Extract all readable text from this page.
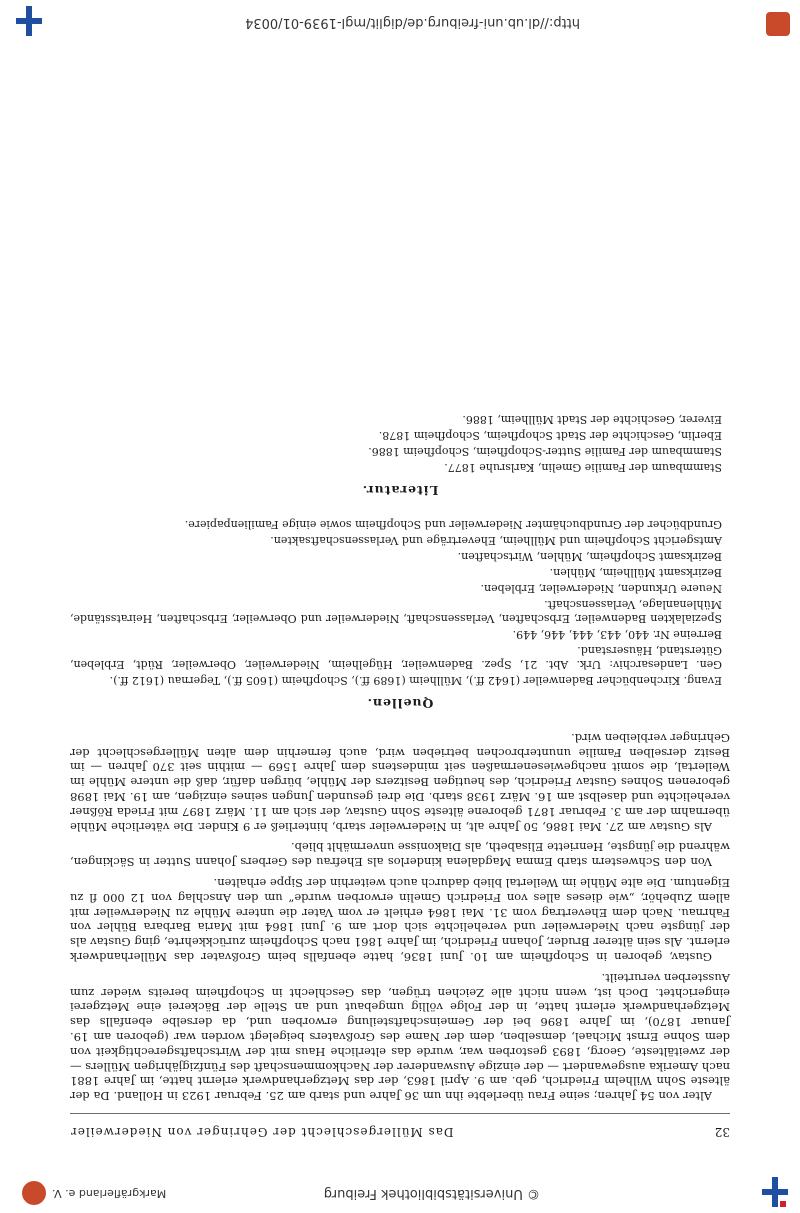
© Universitätsbibliothek Freiburg
Markgräflerland e. V.
32
Das Müllergeschlecht der Gehringer von Niederweiler

Alter von 54 Jahren; seine Frau überlebte ihn um 36 Jahre und starb am 25. Februar 1923 in Holland. Da der älteste Sohn Wilhelm Friedrich, geb. am 9. April 1863, der das Metzgerhandwerk erlernt hatte, im Jahre 1881 nach Amerika ausgewandert — der einzige Auswanderer der Nachkommenschaft des Fünfzigjährigen Müllers — der zweitälteste, Georg, 1893 gestorben war, wurde das elterliche Haus mit der Wirtschaftsgerechtigkeit von dem Sohne Ernst Michael, demselben, dem der Name des Großvaters beigelegt worden war (geboren am 19. Januar 1870), im Jahre 1896 bei der Gemeinschaftsteilung erworben und, da derselbe ebenfalls das Metzgerhandwerk erlernt hatte, in der Folge völlig umgebaut und an Stelle der Bäckerei eine Metzgerei eingerichtet. Doch ist, wenn nicht alle Zeichen trügen, das Geschlecht in Schopfheim bereits wieder zum Aussterben verurteilt.

Gustav, geboren in Schopfheim am 10. Juni 1836, hatte ebenfalls beim Großvater das Müllerhandwerk erlernt. Als sein älterer Bruder, Johann Friedrich, im Jahre 1861 nach Schopfheim zurückkehrte, ging Gustav als der jüngste nach Niederweiler und verehelichte sich dort am 9. Juni 1864 mit Maria Barbara Bühler von Fahrnau. Nach dem Ehevertrag vom 31. Mai 1864 erhielt er vom Vater die untere Mühle zu Niederweiler mit allem Zubehör, „wie dieses alles von Friedrich Gmelin erworben wurde“ um den Anschlag von 12 000 fl zu Eigentum. Die alte Mühle im Weilertal blieb dadurch auch weiterhin der Sippe erhalten.

Von den Schwestern starb Emma Magdalena kinderlos als Ehefrau des Gerbers Johann Sutter in Säckingen, während die jüngste, Henriette Elisabeth, als Diakonisse unvermählt blieb.

Als Gustav am 27. Mai 1886, 50 Jahre alt, in Niederweiler starb, hinterließ er 9 Kinder. Die väterliche Mühle übernahm der am 3. Februar 1871 geborene älteste Sohn Gustav, der sich am 11. März 1897 mit Frieda Rößner verehelichte und daselbst am 16. März 1938 starb. Die drei gesunden Jungen seines einzigen, am 19. Mai 1898 geborenen Sohnes Gustav Friedrich, des heutigen Besitzers der Mühle, bürgen dafür, daß die untere Mühle im Weilertal, die somit nachgewiesenermaßen seit mindestens dem Jahre 1569 — mithin seit 370 Jahren — im Besitz derselben Familie ununterbrochen betrieben wird, auch fernerhin dem alten Müllergeschlecht der Gehringer verbleiben wird.

Quellen.
Evang. Kirchenbücher Badenweiler (1642 ff.), Müllheim (1689 ff.), Schopfheim (1605 ff.), Tegernau (1612 ff.).
Gen. Landesarchiv: Urk. Abt. 21, Spez. Badenweiler, Hügelheim, Niederweiler, Oberweiler, Rüdt, Erbleben, Güterstand, Häuserstand.
Berreine Nr. 440, 443, 444, 446, 449.
Spezialakten Badenweiler, Erbschaften, Verlassenschaft, Niederweiler und Oberweiler, Erbschaften, Heiratsstände, Mühlenanlage, Verlassenschaft.
Neuere Urkunden, Niederweiler, Erbleben.
Bezirksamt Müllheim, Mühlen.
Bezirksamt Schopfheim, Mühlen, Wirtschaften.
Amtsgericht Schopfheim und Müllheim, Eheverträge und Verlassenschaftsakten.
Grundbücher der Grundbuchämter Niederweiler und Schopfheim sowie einige Familienpapiere.
Literatur.
Stammbaum der Familie Gmelin, Karlsruhe 1877.
Stammbaum der Familie Sutter-Schopfheim, Schopfheim 1886.
Eberlin, Geschichte der Stadt Schopfheim, Schopfheim 1878.
Eiverer, Geschichte der Stadt Müllheim, 1886.
http://dl.ub.uni-freiburg.de/diglit/mgl-1939-01/0034
